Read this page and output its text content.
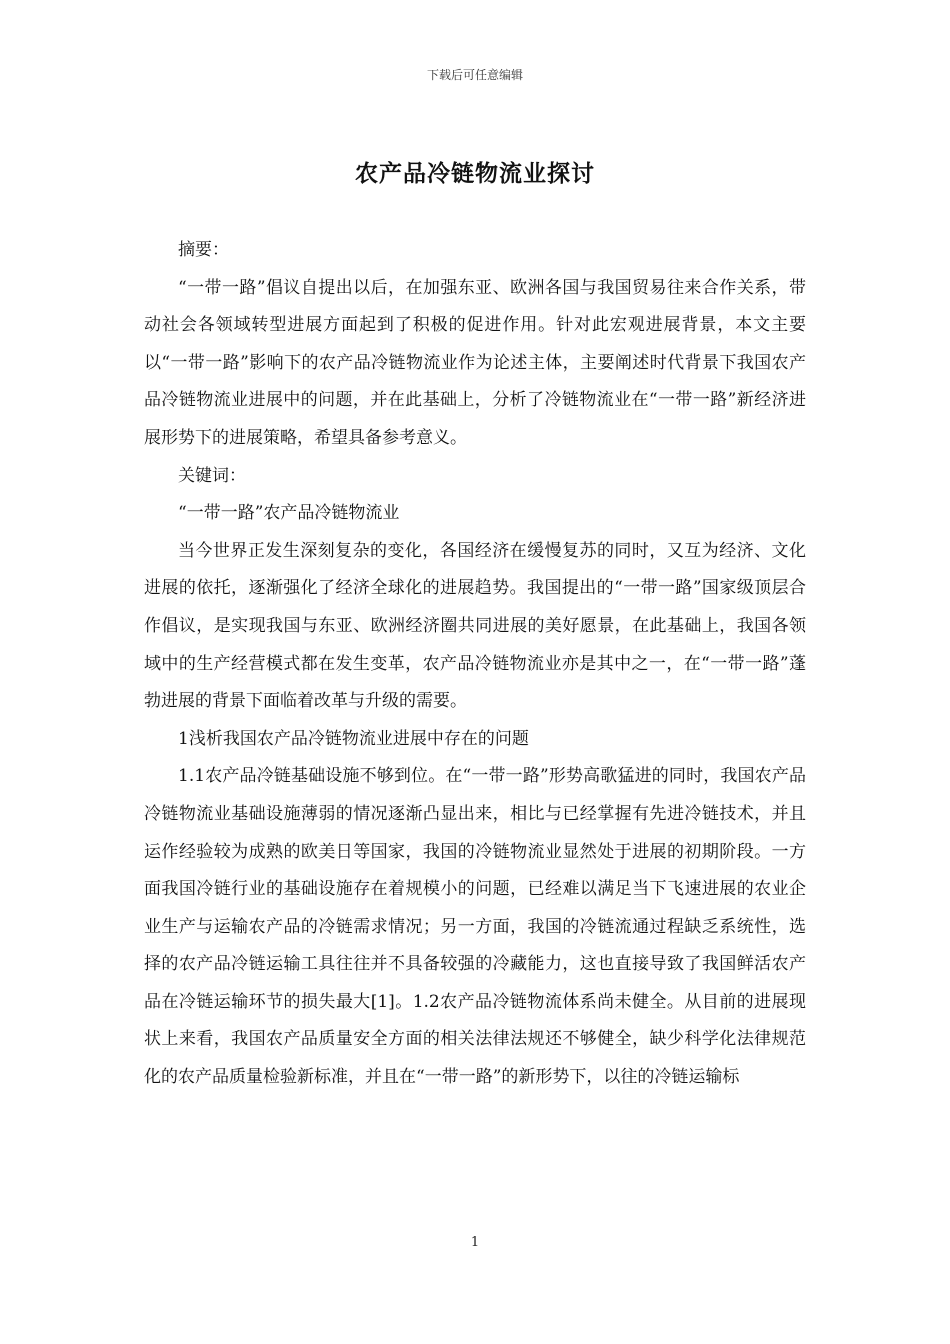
下载后可任意编辑
农产品冷链物流业探讨

摘要：

“一带一路”倡议自提出以后，在加强东亚、欧洲各国与我国贸易往来合作关系，带动社会各领域转型进展方面起到了积极的促进作用。针对此宏观进展背景，本文主要以“一带一路”影响下的农产品冷链物流业作为论述主体，主要阐述时代背景下我国农产品冷链物流业进展中的问题，并在此基础上，分析了冷链物流业在“一带一路”新经济进展形势下的进展策略，希望具备参考意义。

关键词：

“一带一路”农产品冷链物流业

当今世界正发生深刻复杂的变化，各国经济在缓慢复苏的同时，又互为经济、文化进展的依托，逐渐强化了经济全球化的进展趋势。我国提出的“一带一路”国家级顶层合作倡议，是实现我国与东亚、欧洲经济圈共同进展的美好愿景，在此基础上，我国各领域中的生产经营模式都在发生变革，农产品冷链物流业亦是其中之一，在“一带一路”蓬勃进展的背景下面临着改革与升级的需要。

1浅析我国农产品冷链物流业进展中存在的问题

1.1农产品冷链基础设施不够到位。在“一带一路”形势高歌猛进的同时，我国农产品冷链物流业基础设施薄弱的情况逐渐凸显出来，相比与已经掌握有先进冷链技术，并且运作经验较为成熟的欧美日等国家，我国的冷链物流业显然处于进展的初期阶段。一方面我国冷链行业的基础设施存在着规模小的问题，已经难以满足当下飞速进展的农业企业生产与运输农产品的冷链需求情况；另一方面，我国的冷链流通过程缺乏系统性，选择的农产品冷链运输工具往往并不具备较强的冷藏能力，这也直接导致了我国鲜活农产品在冷链运输环节的损失最大[1]。1.2农产品冷链物流体系尚未健全。从目前的进展现状上来看，我国农产品质量安全方面的相关法律法规还不够健全，缺少科学化法律规范化的农产品质量检验新标准，并且在“一带一路”的新形势下，以往的冷链运输标

1
